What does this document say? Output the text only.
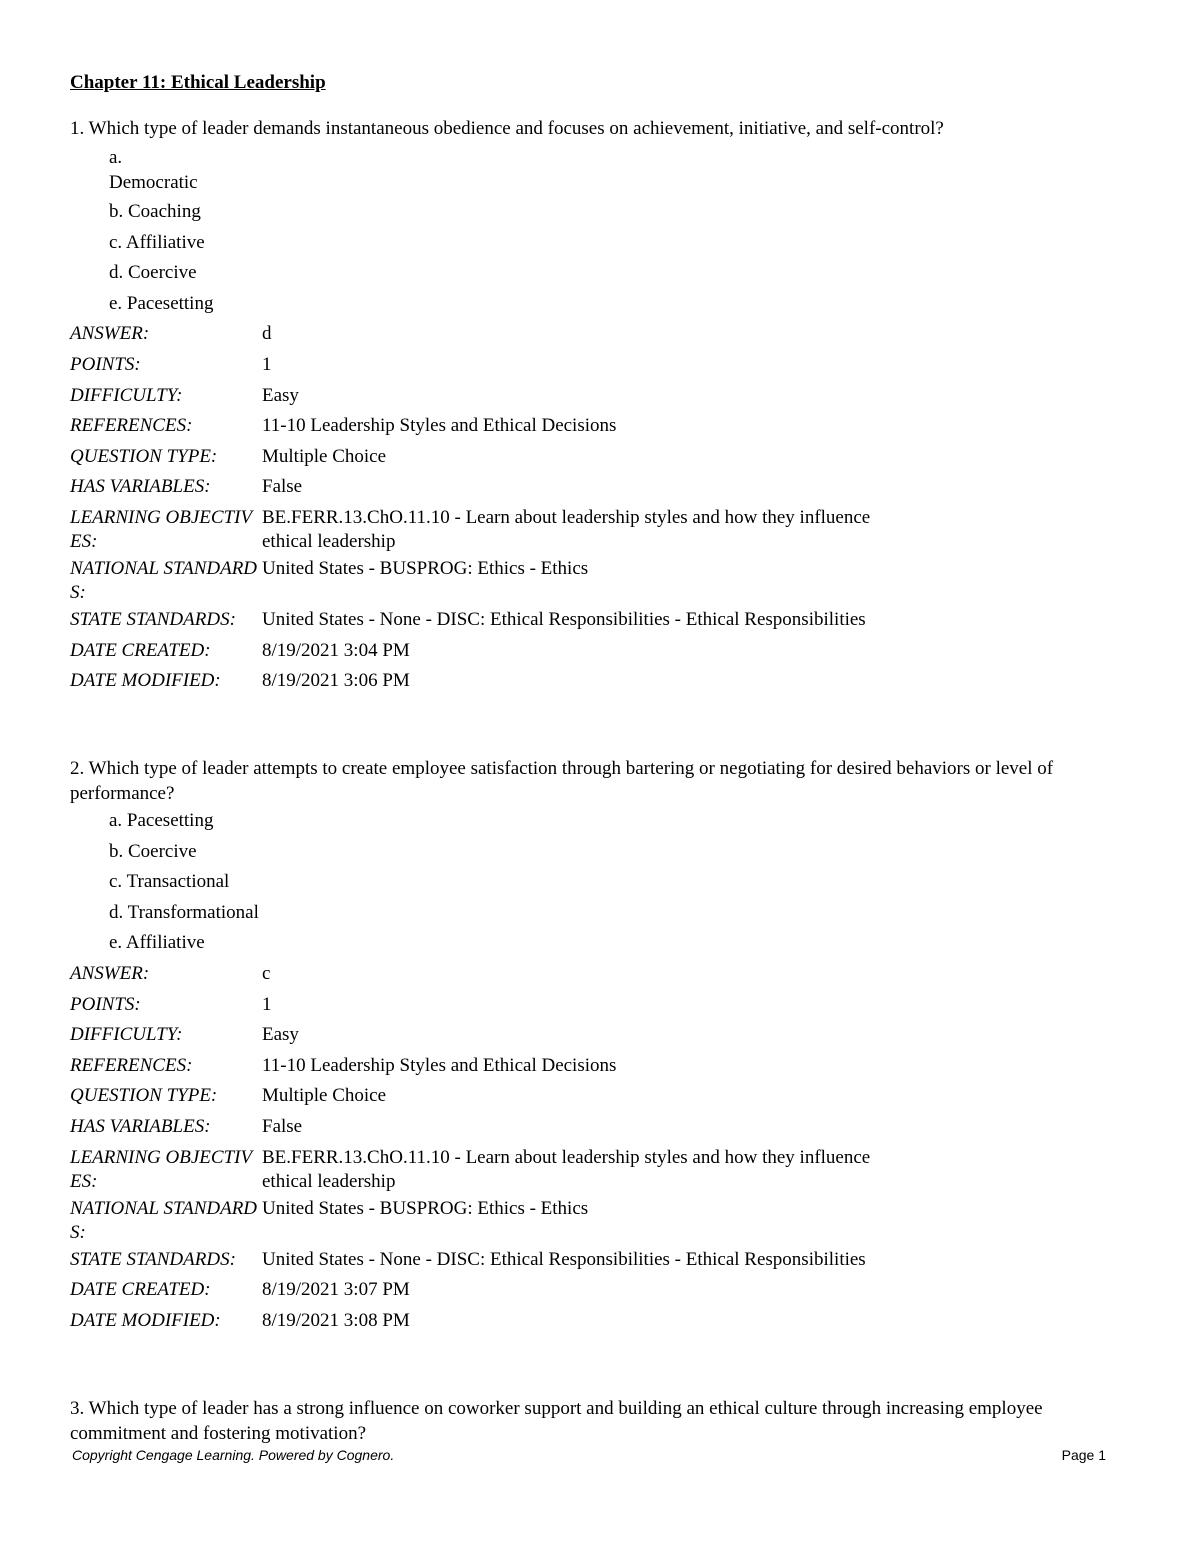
Chapter 11: Ethical Leadership

1. Which type of leader demands instantaneous obedience and focuses on achievement, initiative, and self-control?

a. Democratic
b. Coaching
c. Affiliative
d. Coercive
e. Pacesetting
ANSWER:	d
POINTS:	1
DIFFICULTY:	Easy
REFERENCES:	11-10 Leadership Styles and Ethical Decisions
QUESTION TYPE:	Multiple Choice
HAS VARIABLES:	False
LEARNING OBJECTIVES:
BE.FERR.13.ChO.11.10 - Learn about leadership styles and how they influence ethical leadership
NATIONAL STANDARDS:
United States - BUSPROG: Ethics - Ethics
STATE STANDARDS:	United States - None - DISC: Ethical Responsibilities - Ethical Responsibilities
DATE CREATED:	8/19/2021 3:04 PM
DATE MODIFIED:	8/19/2021 3:06 PM

2. Which type of leader attempts to create employee satisfaction through bartering or negotiating for desired behaviors or level of performance?

a. Pacesetting
b. Coercive
c. Transactional
d. Transformational
e. Affiliative
ANSWER:	c
POINTS:	1
DIFFICULTY:	Easy
REFERENCES:	11-10 Leadership Styles and Ethical Decisions
QUESTION TYPE:	Multiple Choice
HAS VARIABLES:	False
LEARNING OBJECTIVES:
BE.FERR.13.ChO.11.10 - Learn about leadership styles and how they influence ethical leadership
NATIONAL STANDARDS:
United States - BUSPROG: Ethics - Ethics
STATE STANDARDS:	United States - None - DISC: Ethical Responsibilities - Ethical Responsibilities
DATE CREATED:	8/19/2021 3:07 PM
DATE MODIFIED:	8/19/2021 3:08 PM

3. Which type of leader has a strong influence on coworker support and building an ethical culture through increasing employee commitment and fostering motivation?

Copyright Cengage Learning. Powered by Cognero.	Page 1
